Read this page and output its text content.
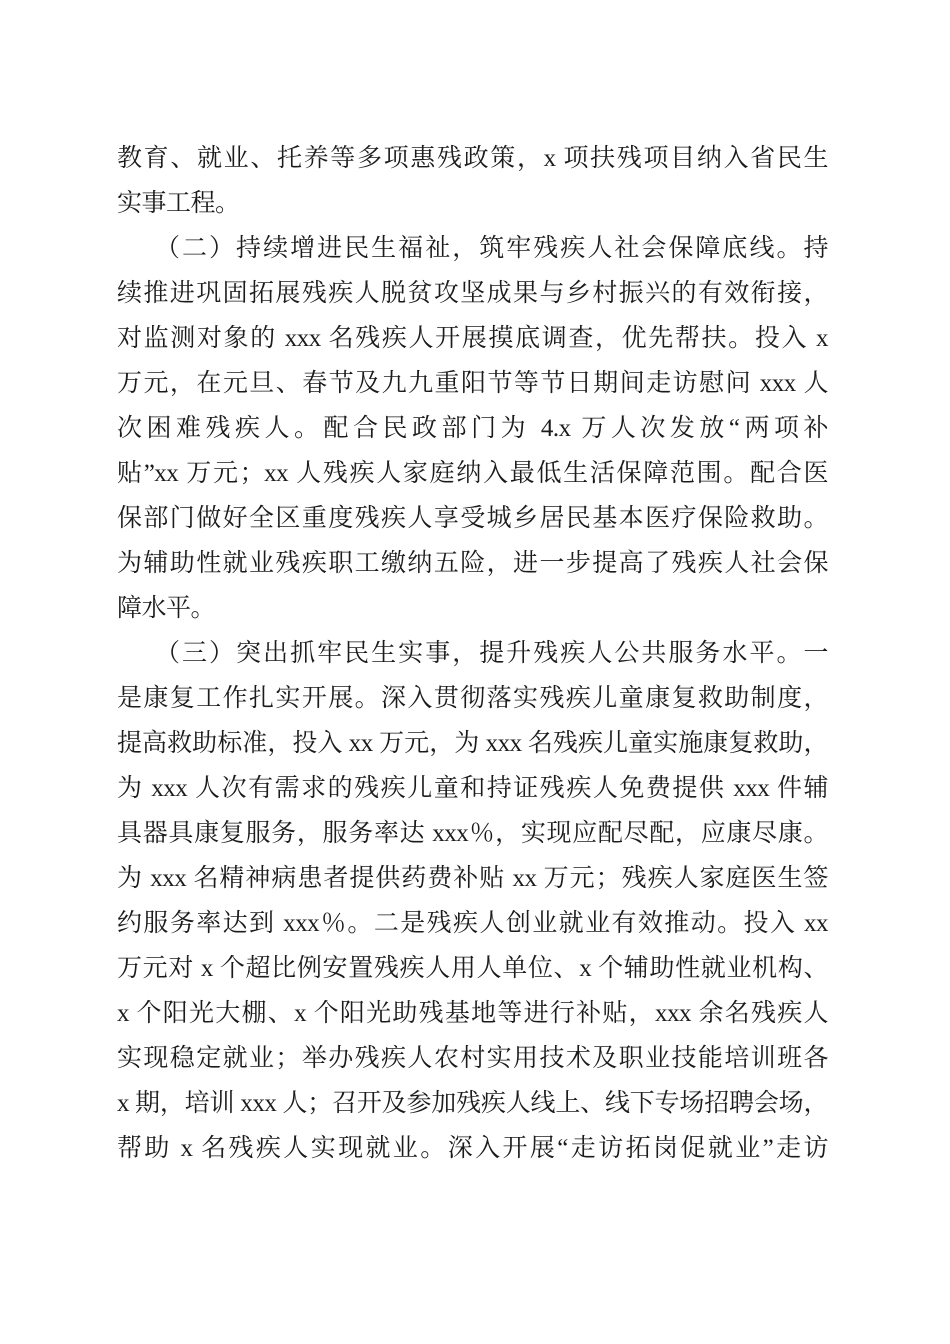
教育、就业、托养等多项惠残政策，x 项扶残项目纳入省民生
实事工程。
（二）持续增进民生福祉，筑牢残疾人社会保障底线。持
续推进巩固拓展残疾人脱贫攻坚成果与乡村振兴的有效衔接，
对监测对象的 xxx 名残疾人开展摸底调查，优先帮扶。投入 x
万元，在元旦、春节及九九重阳节等节日期间走访慰问 xxx 人
次困难残疾人。配合民政部门为 4.x 万人次发放“两项补
贴”xx 万元；xx 人残疾人家庭纳入最低生活保障范围。配合医
保部门做好全区重度残疾人享受城乡居民基本医疗保险救助。
为辅助性就业残疾职工缴纳五险，进一步提高了残疾人社会保
障水平。
（三）突出抓牢民生实事，提升残疾人公共服务水平。一
是康复工作扎实开展。深入贯彻落实残疾儿童康复救助制度，
提高救助标准，投入 xx 万元，为 xxx 名残疾儿童实施康复救助，
为 xxx 人次有需求的残疾儿童和持证残疾人免费提供 xxx 件辅
具器具康复服务，服务率达 xxx％，实现应配尽配，应康尽康。
为 xxx 名精神病患者提供药费补贴 xx 万元；残疾人家庭医生签
约服务率达到 xxx％。二是残疾人创业就业有效推动。投入 xx
万元对 x 个超比例安置残疾人用人单位、x 个辅助性就业机构、
x 个阳光大棚、x 个阳光助残基地等进行补贴，xxx 余名残疾人
实现稳定就业；举办残疾人农村实用技术及职业技能培训班各
x 期，培训 xxx 人；召开及参加残疾人线上、线下专场招聘会场，
帮助 x 名残疾人实现就业。深入开展“走访拓岗促就业”走访
